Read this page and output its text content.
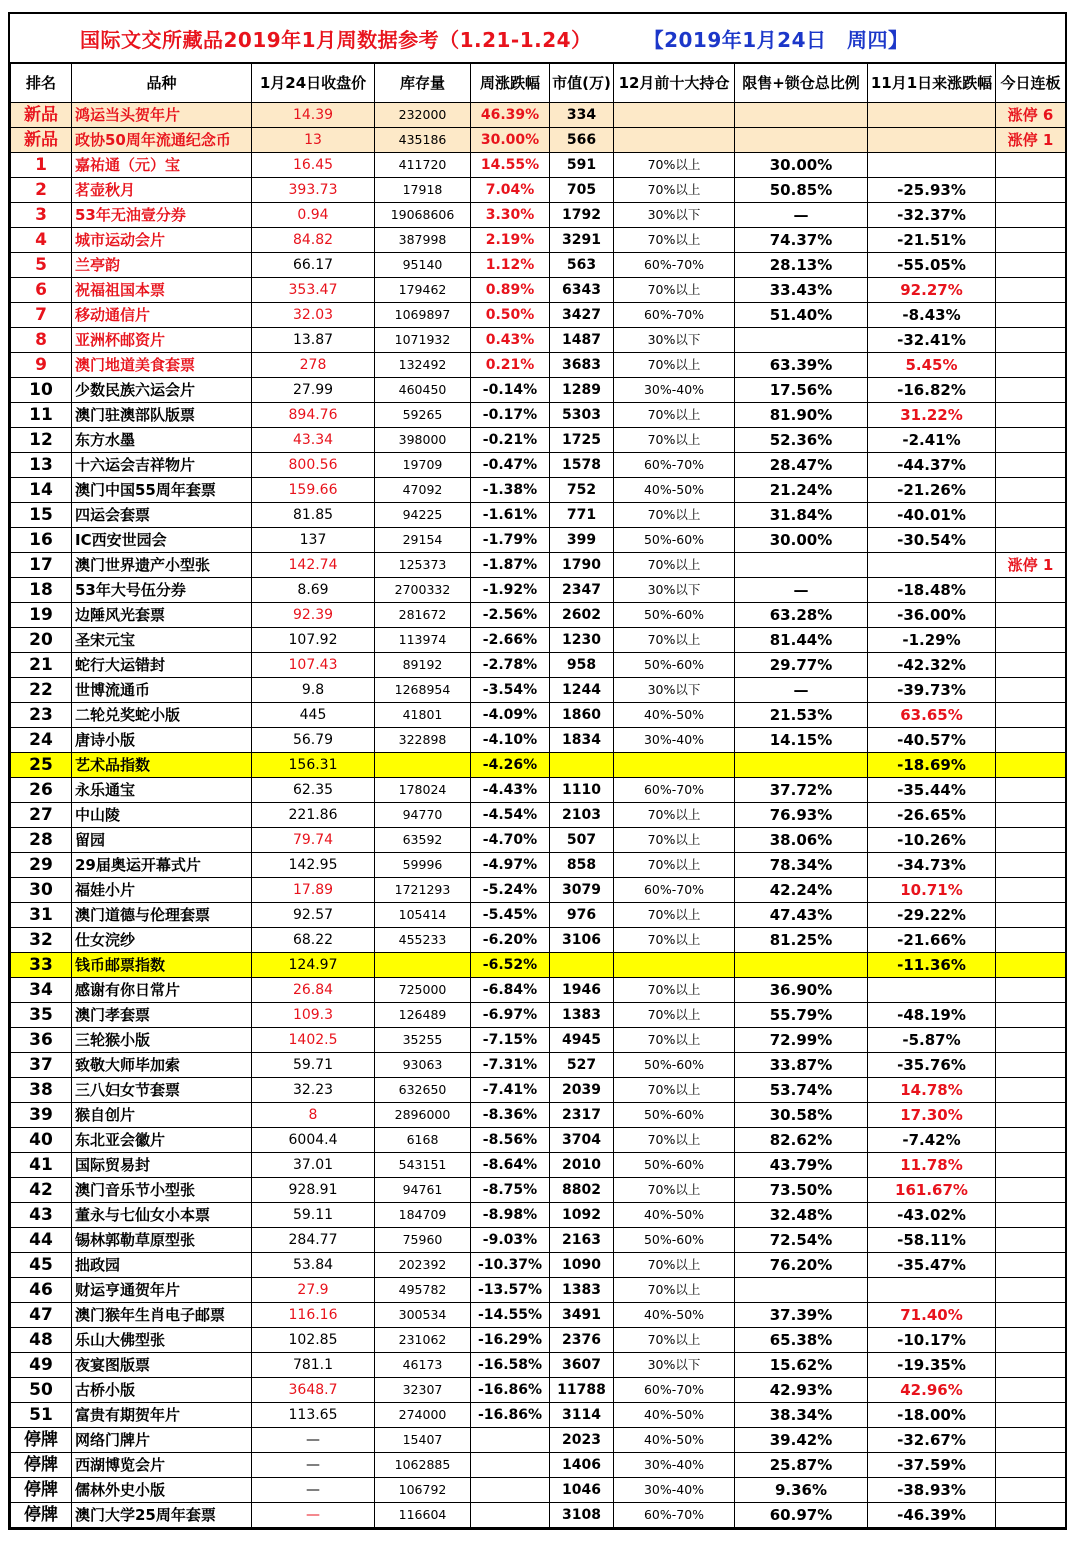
国际文交所藏品2019年1月周数据参考（1.21-1.24）	【2019年1月24日　周四】
排名	品种	1月24日收盘价	库存量	周涨跌幅	市值(万)	12月前十大持仓	限售+锁仓总比例	11月1日来涨跌幅	今日连板
新品	鸿运当头贺年片	14.39	232000	46.39%	334				涨停 6
新品	政协50周年流通纪念币	13	435186	30.00%	566				涨停 1
1	嘉祐通（元）宝	16.45	411720	14.55%	591	70%以上	30.00%		
2	茗壶秋月	393.73	17918	7.04%	705	70%以上	50.85%	-25.93%	
3	53年无油壹分券	0.94	19068606	3.30%	1792	30%以下	—	-32.37%	
4	城市运动会片	84.82	387998	2.19%	3291	70%以上	74.37%	-21.51%	
5	兰亭韵	66.17	95140	1.12%	563	60%-70%	28.13%	-55.05%	
6	祝福祖国本票	353.47	179462	0.89%	6343	70%以上	33.43%	92.27%	
7	移动通信片	32.03	1069897	0.50%	3427	60%-70%	51.40%	-8.43%	
8	亚洲杯邮资片	13.87	1071932	0.43%	1487	30%以下		-32.41%	
9	澳门地道美食套票	278	132492	0.21%	3683	70%以上	63.39%	5.45%	
10	少数民族六运会片	27.99	460450	-0.14%	1289	30%-40%	17.56%	-16.82%	
11	澳门驻澳部队版票	894.76	59265	-0.17%	5303	70%以上	81.90%	31.22%	
12	东方水墨	43.34	398000	-0.21%	1725	70%以上	52.36%	-2.41%	
13	十六运会吉祥物片	800.56	19709	-0.47%	1578	60%-70%	28.47%	-44.37%	
14	澳门中国55周年套票	159.66	47092	-1.38%	752	40%-50%	21.24%	-21.26%	
15	四运会套票	81.85	94225	-1.61%	771	70%以上	31.84%	-40.01%	
16	IC西安世园会	137	29154	-1.79%	399	50%-60%	30.00%	-30.54%	
17	澳门世界遗产小型张	142.74	125373	-1.87%	1790	70%以上			涨停 1
18	53年大号伍分券	8.69	2700332	-1.92%	2347	30%以下	—	-18.48%	
19	边陲风光套票	92.39	281672	-2.56%	2602	50%-60%	63.28%	-36.00%	
20	圣宋元宝	107.92	113974	-2.66%	1230	70%以上	81.44%	-1.29%	
21	蛇行大运错封	107.43	89192	-2.78%	958	50%-60%	29.77%	-42.32%	
22	世博流通币	9.8	1268954	-3.54%	1244	30%以下	—	-39.73%	
23	二轮兑奖蛇小版	445	41801	-4.09%	1860	40%-50%	21.53%	63.65%	
24	唐诗小版	56.79	322898	-4.10%	1834	30%-40%	14.15%	-40.57%	
25	艺术品指数	156.31		-4.26%				-18.69%	
26	永乐通宝	62.35	178024	-4.43%	1110	60%-70%	37.72%	-35.44%	
27	中山陵	221.86	94770	-4.54%	2103	70%以上	76.93%	-26.65%	
28	留园	79.74	63592	-4.70%	507	70%以上	38.06%	-10.26%	
29	29届奥运开幕式片	142.95	59996	-4.97%	858	70%以上	78.34%	-34.73%	
30	福娃小片	17.89	1721293	-5.24%	3079	60%-70%	42.24%	10.71%	
31	澳门道德与伦理套票	92.57	105414	-5.45%	976	70%以上	47.43%	-29.22%	
32	仕女浣纱	68.22	455233	-6.20%	3106	70%以上	81.25%	-21.66%	
33	钱币邮票指数	124.97		-6.52%				-11.36%	
34	感谢有你日常片	26.84	725000	-6.84%	1946	70%以上	36.90%		
35	澳门孝套票	109.3	126489	-6.97%	1383	70%以上	55.79%	-48.19%	
36	三轮猴小版	1402.5	35255	-7.15%	4945	70%以上	72.99%	-5.87%	
37	致敬大师毕加索	59.71	93063	-7.31%	527	50%-60%	33.87%	-35.76%	
38	三八妇女节套票	32.23	632650	-7.41%	2039	70%以上	53.74%	14.78%	
39	猴自创片	8	2896000	-8.36%	2317	50%-60%	30.58%	17.30%	
40	东北亚会徽片	6004.4	6168	-8.56%	3704	70%以上	82.62%	-7.42%	
41	国际贸易封	37.01	543151	-8.64%	2010	50%-60%	43.79%	11.78%	
42	澳门音乐节小型张	928.91	94761	-8.75%	8802	70%以上	73.50%	161.67%	
43	董永与七仙女小本票	59.11	184709	-8.98%	1092	40%-50%	32.48%	-43.02%	
44	锡林郭勒草原型张	284.77	75960	-9.03%	2163	50%-60%	72.54%	-58.11%	
45	拙政园	53.84	202392	-10.37%	1090	70%以上	76.20%	-35.47%	
46	财运亨通贺年片	27.9	495782	-13.57%	1383	70%以上			
47	澳门猴年生肖电子邮票	116.16	300534	-14.55%	3491	40%-50%	37.39%	71.40%	
48	乐山大佛型张	102.85	231062	-16.29%	2376	70%以上	65.38%	-10.17%	
49	夜宴图版票	781.1	46173	-16.58%	3607	30%以下	15.62%	-19.35%	
50	古桥小版	3648.7	32307	-16.86%	11788	60%-70%	42.93%	42.96%	
51	富贵有期贺年片	113.65	274000	-16.86%	3114	40%-50%	38.34%	-18.00%	
停牌	网络门牌片	—	15407		2023	40%-50%	39.42%	-32.67%	
停牌	西湖博览会片	—	1062885		1406	30%-40%	25.87%	-37.59%	
停牌	儒林外史小版	—	106792		1046	30%-40%	9.36%	-38.93%	
停牌	澳门大学25周年套票	—	116604		3108	60%-70%	60.97%	-46.39%	
